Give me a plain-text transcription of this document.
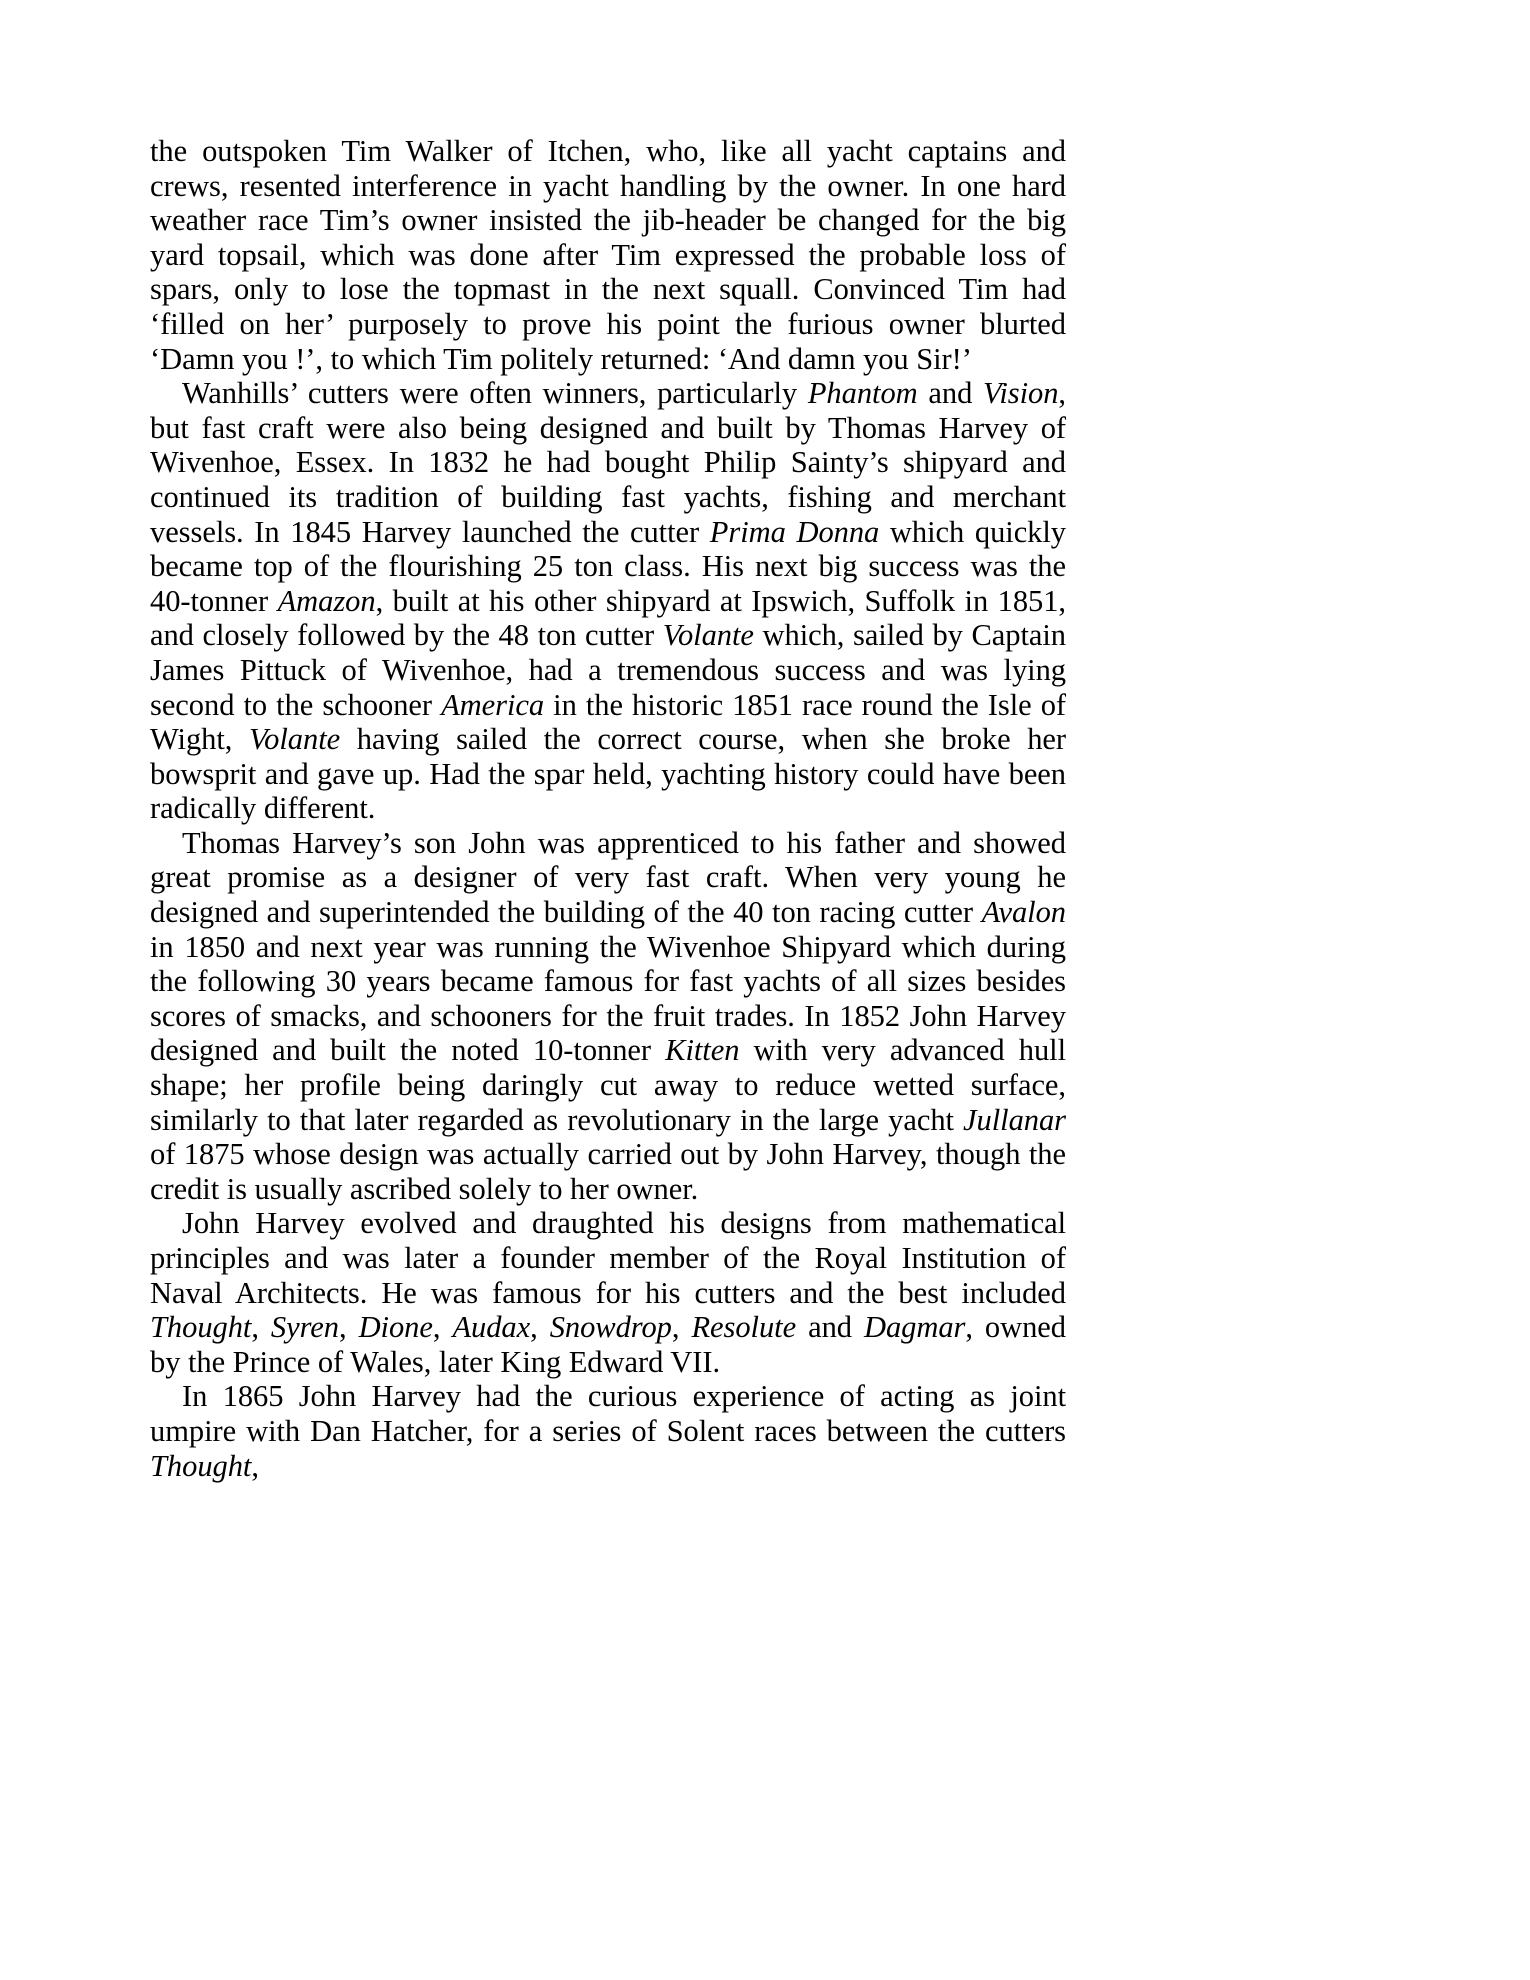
the outspoken Tim Walker of Itchen, who, like all yacht captains and crews, resented interference in yacht handling by the owner. In one hard weather race Tim’s owner insisted the jib-header be changed for the big yard topsail, which was done after Tim expressed the probable loss of spars, only to lose the topmast in the next squall. Convinced Tim had ‘filled on her’ purposely to prove his point the furious owner blurted ‘Damn you !’, to which Tim politely returned: ‘And damn you Sir!’

Wanhills’ cutters were often winners, particularly Phantom and Vision, but fast craft were also being designed and built by Thomas Harvey of Wivenhoe, Essex. In 1832 he had bought Philip Sainty’s shipyard and continued its tradition of building fast yachts, fishing and merchant vessels. In 1845 Harvey launched the cutter Prima Donna which quickly became top of the flourishing 25 ton class. His next big success was the 40-tonner Amazon, built at his other shipyard at Ipswich, Suffolk in 1851, and closely followed by the 48 ton cutter Volante which, sailed by Captain James Pittuck of Wivenhoe, had a tremendous success and was lying second to the schooner America in the historic 1851 race round the Isle of Wight, Volante having sailed the correct course, when she broke her bowsprit and gave up. Had the spar held, yachting history could have been radically different.

Thomas Harvey’s son John was apprenticed to his father and showed great promise as a designer of very fast craft. When very young he designed and superintended the building of the 40 ton racing cutter Avalon in 1850 and next year was running the Wivenhoe Shipyard which during the following 30 years became famous for fast yachts of all sizes besides scores of smacks, and schooners for the fruit trades. In 1852 John Harvey designed and built the noted 10-tonner Kitten with very advanced hull shape; her profile being daringly cut away to reduce wetted surface, similarly to that later regarded as revolutionary in the large yacht Jullanar of 1875 whose design was actually carried out by John Harvey, though the credit is usually ascribed solely to her owner.

John Harvey evolved and draughted his designs from mathematical principles and was later a founder member of the Royal Institution of Naval Architects. He was famous for his cutters and the best included Thought, Syren, Dione, Audax, Snowdrop, Resolute and Dagmar, owned by the Prince of Wales, later King Edward VII.

In 1865 John Harvey had the curious experience of acting as joint umpire with Dan Hatcher, for a series of Solent races between the cutters Thought,
